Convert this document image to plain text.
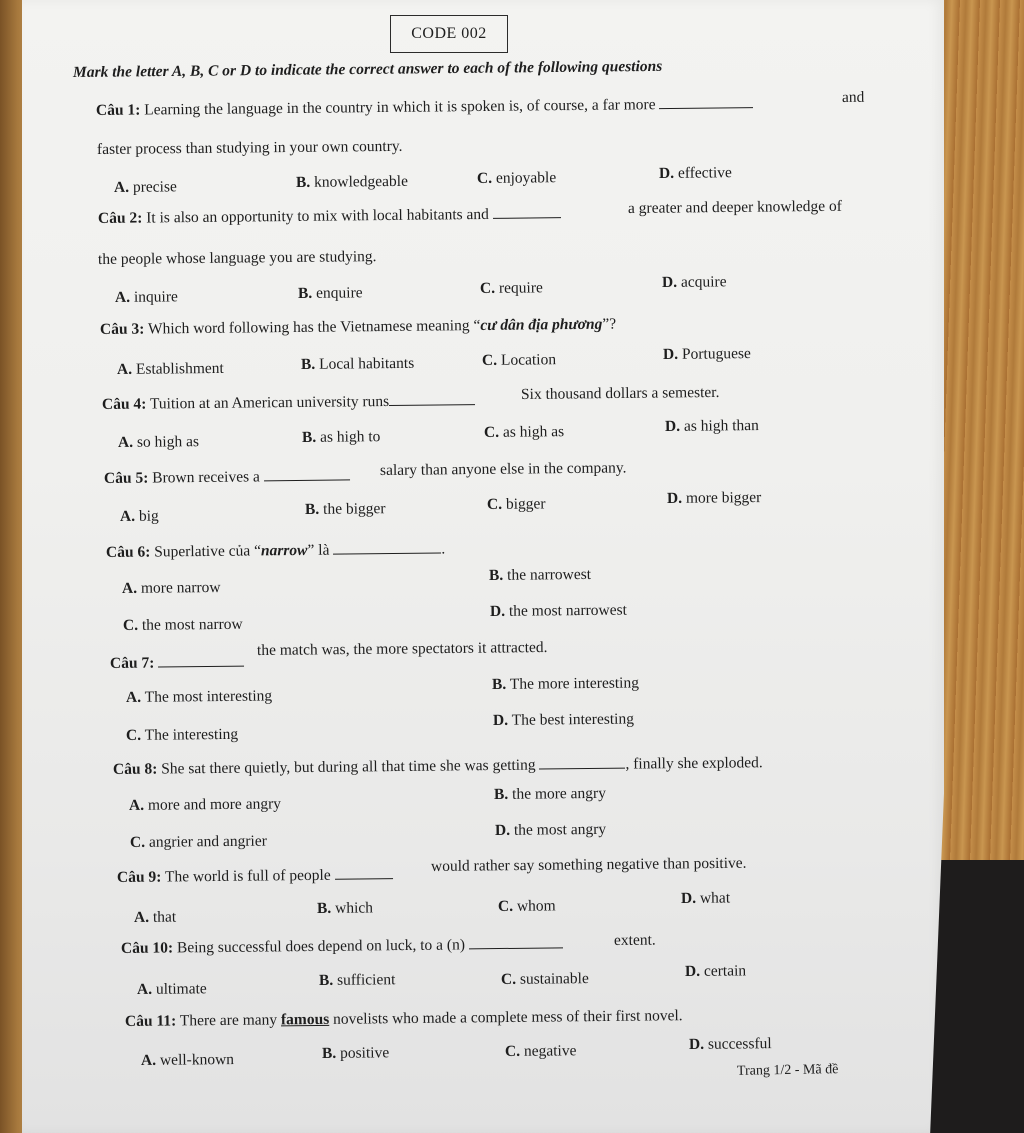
CODE 002
Mark the letter A, B, C or D to indicate the correct answer to each of the following questions
Câu 1: Learning the language in the country in which it is spoken is, of course, a far more	and
faster process than studying in your own country.
A. precise	B. knowledgeable	C. enjoyable	D. effective
Câu 2: It is also an opportunity to mix with local habitants and	a greater and deeper knowledge of
the people whose language you are studying.
A. inquire	B. enquire	C. require	D. acquire
Câu 3: Which word following has the Vietnamese meaning “cư dân địa phương”?
A. Establishment	B. Local habitants	C. Location	D. Portuguese
Câu 4: Tuition at an American university runs	Six thousand dollars a semester.
A. so high as	B. as high to	C. as high as	D. as high than
Câu 5: Brown receives a	salary than anyone else in the company.
A. big	B. the bigger	C. bigger	D. more bigger
Câu 6: Superlative của “narrow” là	.
A. more narrow
B. the narrowest
C. the most narrow
D. the most narrowest
Câu 7:
the match was, the more spectators it attracted.
A. The most interesting
B. The more interesting
C. The interesting
D. The best interesting
Câu 8: She sat there quietly, but during all that time she was getting	, finally she exploded.
A. more and more angry
B. the more angry
C. angrier and angrier
D. the most angry
Câu 9: The world is full of people
would rather say something negative than positive.
A. that
B. which	C. whom	D. what
Câu 10: Being successful does depend on luck, to a (n)	extent.
A. ultimate	B. sufficient	C. sustainable	D. certain
Câu 11: There are many famous novelists who made a complete mess of their first novel.
A. well-known	B. positive	C. negative	D. successful
Trang 1/2 - Mã đề
